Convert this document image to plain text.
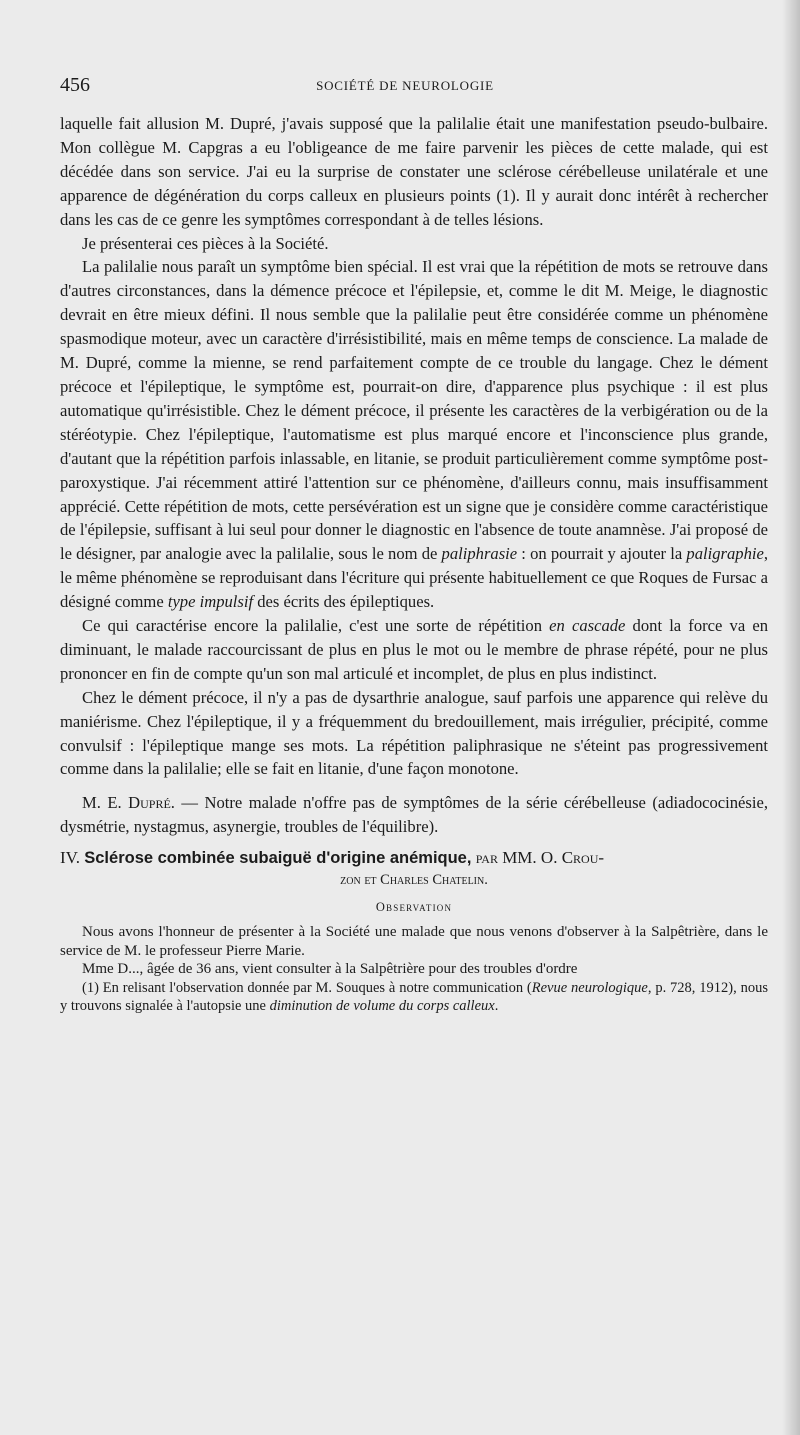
456	SOCIÉTÉ DE NEUROLOGIE

laquelle fait allusion M. Dupré, j'avais supposé que la palilalie était une manifestation pseudo-bulbaire. Mon collègue M. Capgras a eu l'obligeance de me faire parvenir les pièces de cette malade, qui est décédée dans son service. J'ai eu la surprise de constater une sclérose cérébelleuse unilatérale et une apparence de dégénération du corps calleux en plusieurs points (1). Il y aurait donc intérêt à rechercher dans les cas de ce genre les symptômes correspondant à de telles lésions.

Je présenterai ces pièces à la Société.

La palilalie nous paraît un symptôme bien spécial. Il est vrai que la répétition de mots se retrouve dans d'autres circonstances, dans la démence précoce et l'épilepsie, et, comme le dit M. Meige, le diagnostic devrait en être mieux défini. Il nous semble que la palilalie peut être considérée comme un phénomène spasmodique moteur, avec un caractère d'irrésistibilité, mais en même temps de conscience. La malade de M. Dupré, comme la mienne, se rend parfaitement compte de ce trouble du langage. Chez le dément précoce et l'épileptique, le symptôme est, pourrait-on dire, d'apparence plus psychique : il est plus automatique qu'irrésistible. Chez le dément précoce, il présente les caractères de la verbigération ou de la stéréotypie. Chez l'épileptique, l'automatisme est plus marqué encore et l'inconscience plus grande, d'autant que la répétition parfois inlassable, en litanie, se produit particulièrement comme symptôme post-paroxystique. J'ai récemment attiré l'attention sur ce phénomène, d'ailleurs connu, mais insuffisamment apprécié. Cette répétition de mots, cette persévération est un signe que je considère comme caractéristique de l'épilepsie, suffisant à lui seul pour donner le diagnostic en l'absence de toute anamnèse. J'ai proposé de le désigner, par analogie avec la palilalie, sous le nom de paliphrasie : on pourrait y ajouter la paligraphie, le même phénomène se reproduisant dans l'écriture qui présente habituellement ce que Roques de Fursac a désigné comme type impulsif des écrits des épileptiques.

Ce qui caractérise encore la palilalie, c'est une sorte de répétition en cascade dont la force va en diminuant, le malade raccourcissant de plus en plus le mot ou le membre de phrase répété, pour ne plus prononcer en fin de compte qu'un son mal articulé et incomplet, de plus en plus indistinct.

Chez le dément précoce, il n'y a pas de dysarthrie analogue, sauf parfois une apparence qui relève du maniérisme. Chez l'épileptique, il y a fréquemment du bredouillement, mais irrégulier, précipité, comme convulsif : l'épileptique mange ses mots. La répétition paliphrasique ne s'éteint pas progressivement comme dans la palilalie; elle se fait en litanie, d'une façon monotone.

M. E. Dupré. — Notre malade n'offre pas de symptômes de la série cérébelleuse (adiadococinésie, dysmétrie, nystagmus, asynergie, troubles de l'équilibre).

IV. Sclérose combinée subaiguë d'origine anémique, par MM. O. Crou-
zon et Charles Chatelin.
Observation

Nous avons l'honneur de présenter à la Société une malade que nous venons d'observer à la Salpêtrière, dans le service de M. le professeur Pierre Marie.

Mme D..., âgée de 36 ans, vient consulter à la Salpêtrière pour des troubles d'ordre

(1) En relisant l'observation donnée par M. Souques à notre communication (Revue neurologique, p. 728, 1912), nous y trouvons signalée à l'autopsie une diminution de volume du corps calleux.
